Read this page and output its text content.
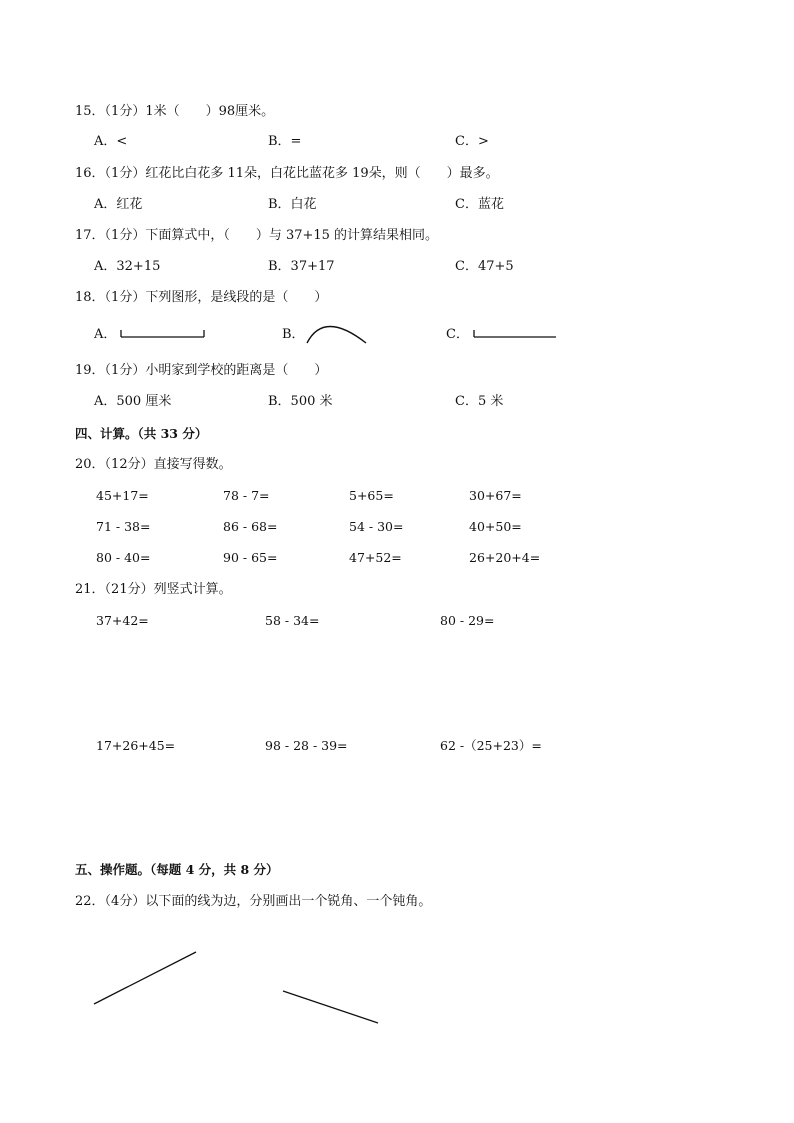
15．（1分）1米（　　）98厘米。
A．<	B．=	C．>
16．（1分）红花比白花多 11朵，白花比蓝花多 19朵，则（　　）最多。
A．红花	B．白花	C．蓝花
17．（1分）下面算式中，（　　）与 37+15 的计算结果相同。
A．32+15	B．37+17	C．47+5
18．（1分）下列图形，是线段的是（　　）
A．	B．	C．
19．（1分）小明家到学校的距离是（　　）
A．500 厘米	B．500 米	C．5 米
四、计算。（共 33 分）
20．（12分）直接写得数。
45+17=	78 - 7=	5+65=	30+67=
71 - 38=	86 - 68=	54 - 30=	40+50=
80 - 40=	90 - 65=	47+52=	26+20+4=
21．（21分）列竖式计算。
37+42=	58 - 34=	80 - 29=
17+26+45=	98 - 28 - 39=	62 -（25+23）=
五、操作题。（每题 4 分，共 8 分）
22．（4分）以下面的线为边，分别画出一个锐角、一个钝角。
